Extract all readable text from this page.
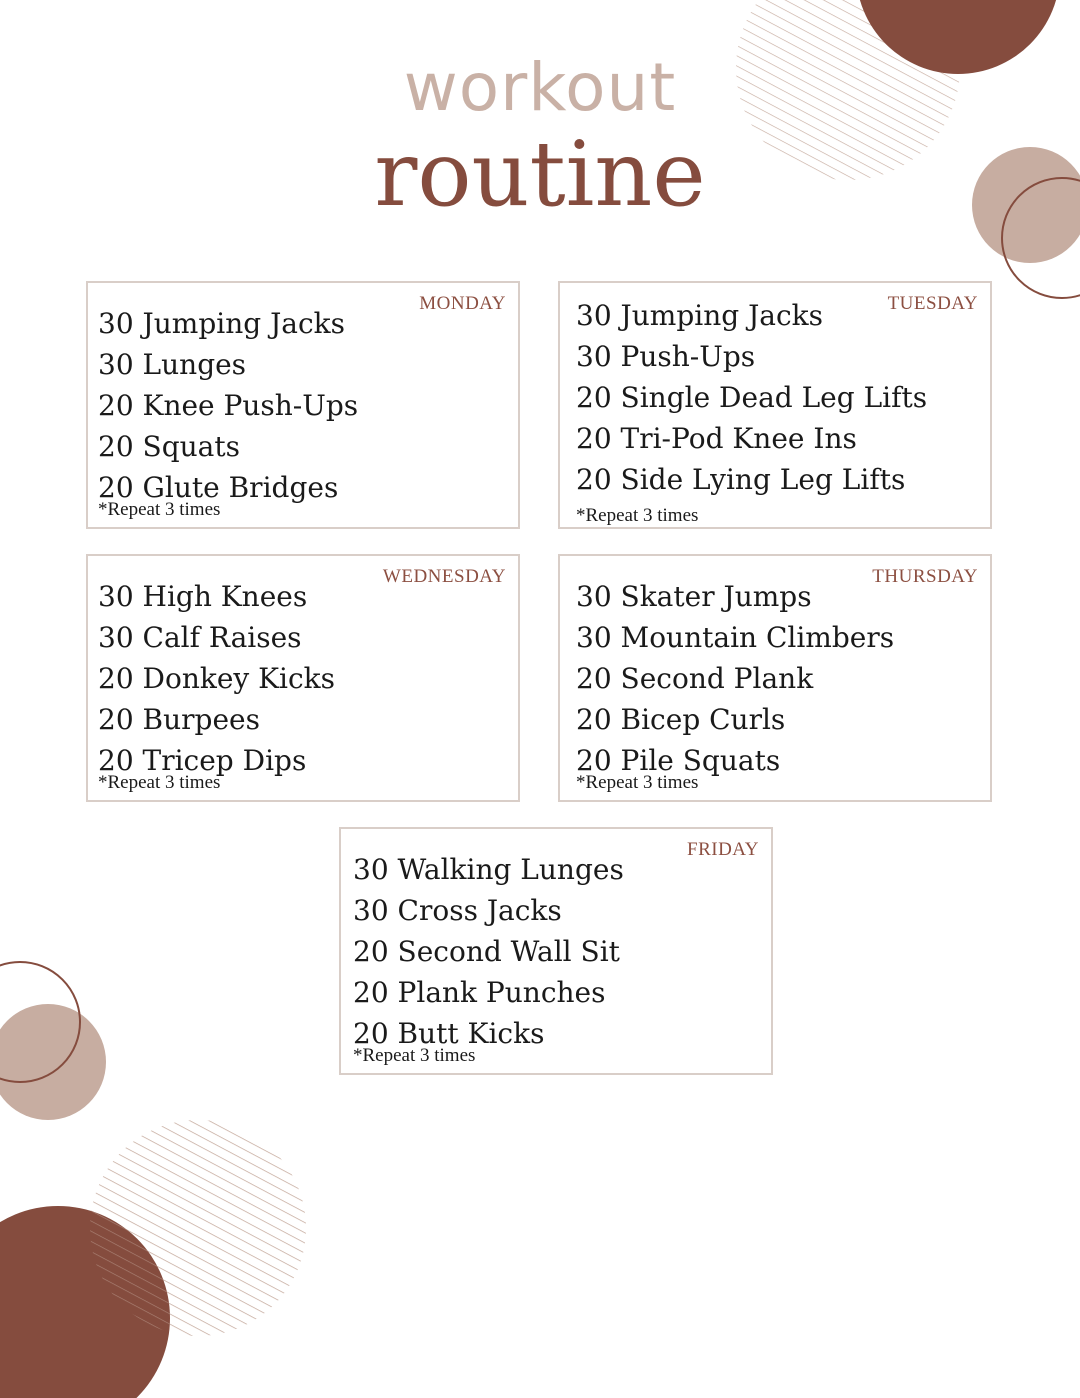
workout
routine
MONDAY
30 Jumping Jacks
30 Lunges
20 Knee Push-Ups
20 Squats
20 Glute Bridges
*Repeat 3 times
TUESDAY
30 Jumping Jacks
30 Push-Ups
20 Single Dead Leg Lifts
20 Tri-Pod Knee Ins
20 Side Lying Leg Lifts
*Repeat 3 times
WEDNESDAY
30 High Knees
30 Calf Raises
20 Donkey Kicks
20 Burpees
20 Tricep Dips
*Repeat 3 times
THURSDAY
30 Skater Jumps
30 Mountain Climbers
20 Second Plank
20 Bicep Curls
20 Pile Squats
*Repeat 3 times
FRIDAY
30 Walking Lunges
30 Cross Jacks
20 Second Wall Sit
20 Plank Punches
20 Butt Kicks
*Repeat 3 times
